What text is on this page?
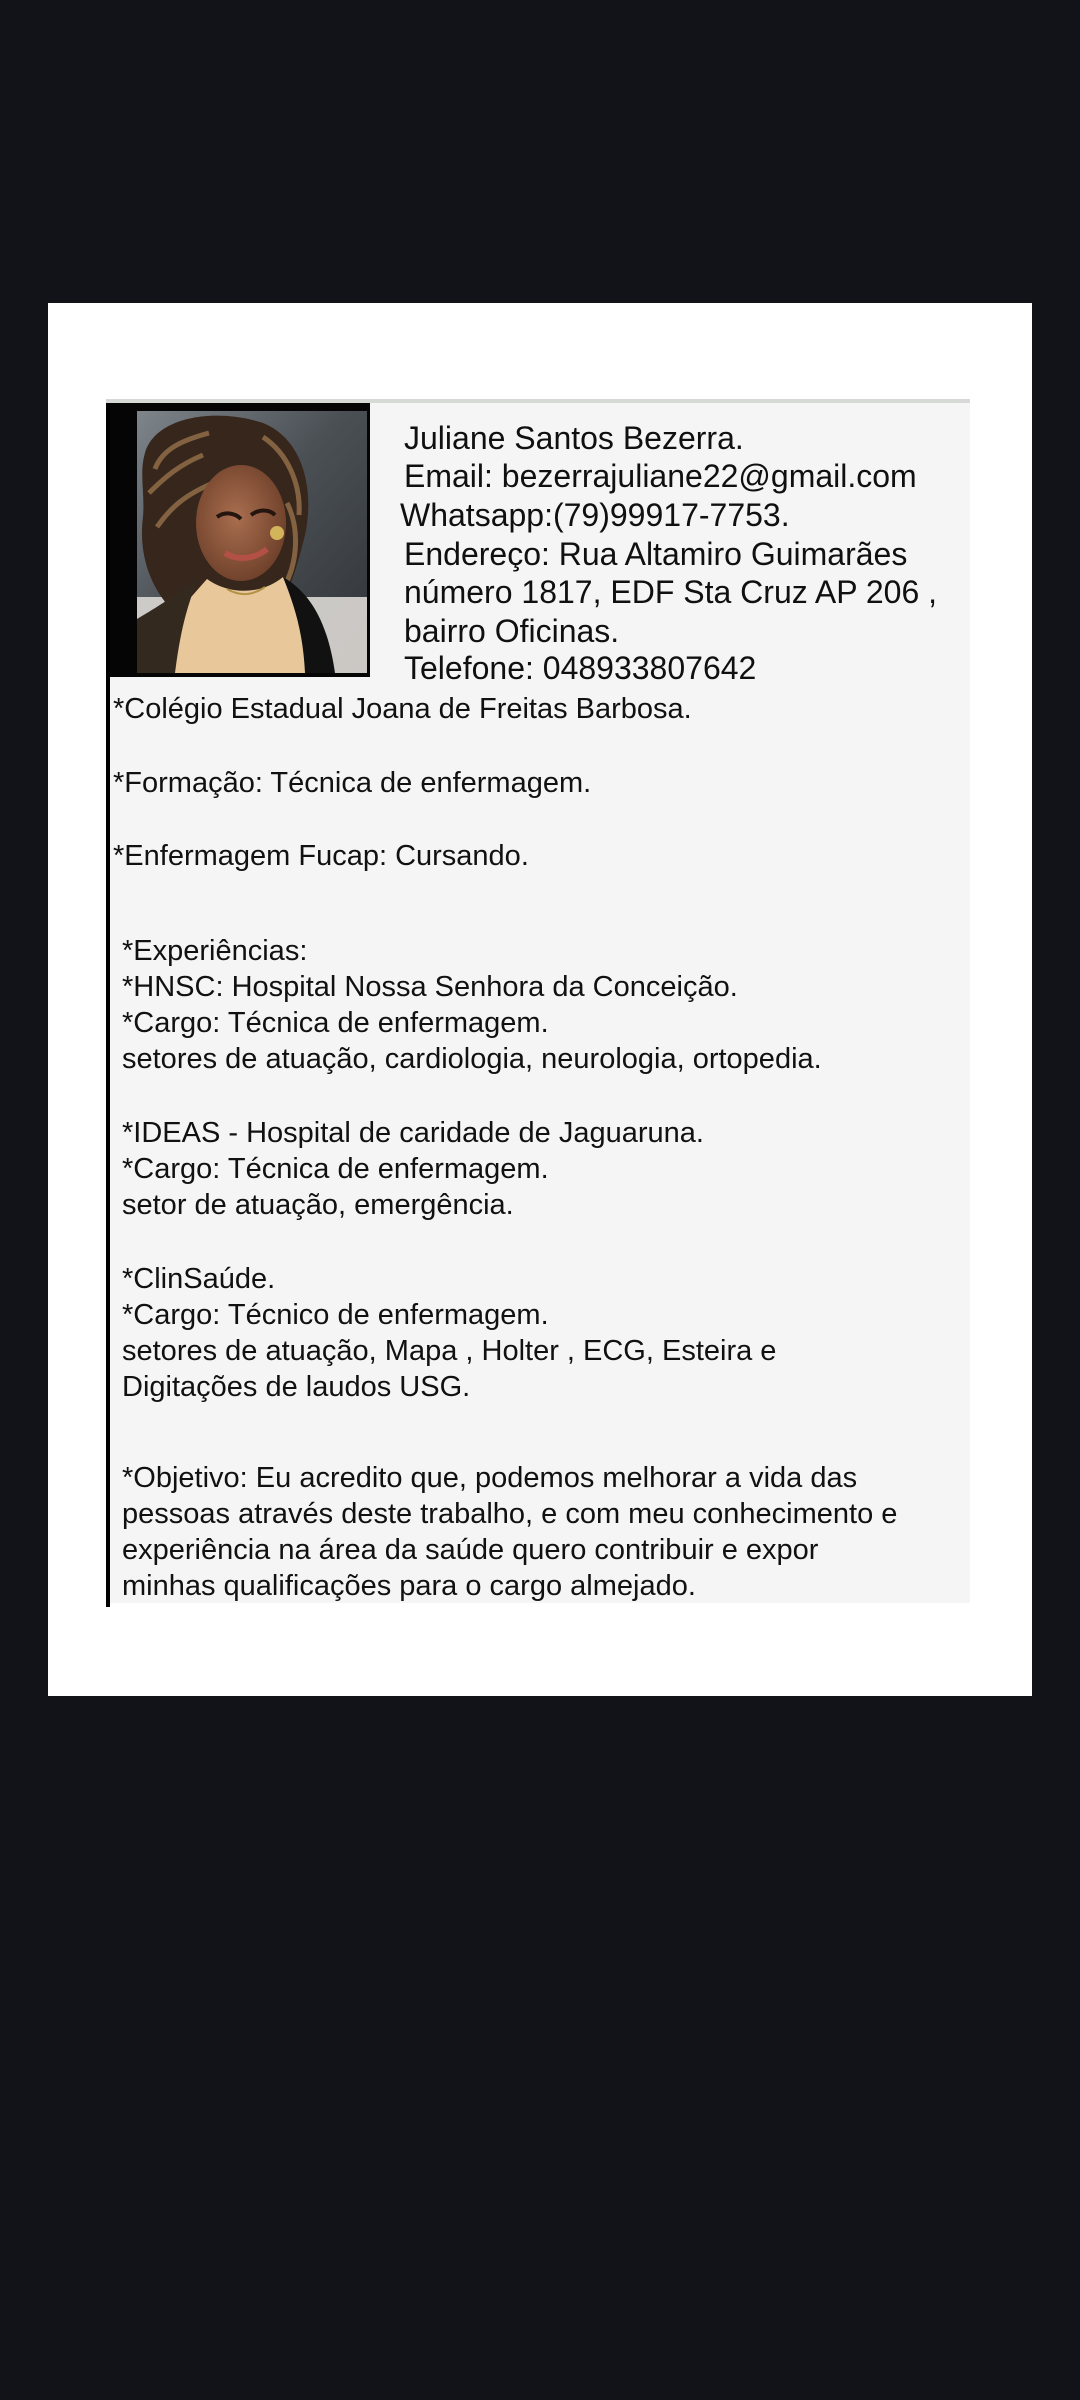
Juliane Santos Bezerra.
Email: bezerrajuliane22@gmail.com
Whatsapp:(79)99917-7753.
Endereço: Rua Altamiro Guimarães
número 1817, EDF Sta Cruz AP 206 ,
bairro Oficinas.
Telefone: 048933807642
*Colégio Estadual Joana de Freitas Barbosa.
*Formação: Técnica de enfermagem.
*Enfermagem Fucap: Cursando.
*Experiências:
*HNSC: Hospital Nossa Senhora da Conceição.
*Cargo: Técnica de enfermagem.
setores de atuação, cardiologia, neurologia, ortopedia.
*IDEAS - Hospital de caridade de Jaguaruna.
*Cargo: Técnica de enfermagem.
setor de atuação, emergência.
*ClinSaúde.
*Cargo: Técnico de enfermagem.
setores de atuação, Mapa , Holter , ECG, Esteira e
Digitações de laudos USG.
*Objetivo: Eu acredito que, podemos melhorar a vida das
pessoas através deste trabalho, e com meu conhecimento e
experiência na área da saúde quero contribuir e expor
minhas qualificações para o cargo almejado.
